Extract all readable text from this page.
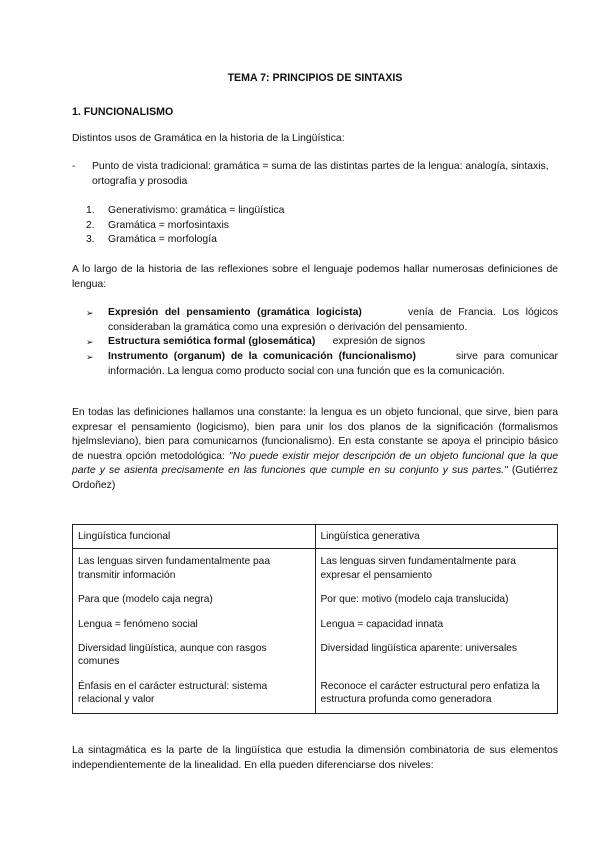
TEMA 7: PRINCIPIOS DE SINTAXIS
1. FUNCIONALISMO
Distintos usos de Gramática en la historia de la Lingüística:
- Punto de vista tradicional: gramática = suma de las distintas partes de la lengua: analogía, sintaxis, ortografía y prosodia
1.	Generativismo: gramática = lingüística
2.	Gramática = morfosintaxis
3.	Gramática = morfología
A lo largo de la historia de las reflexiones sobre el lenguaje podemos hallar numerosas definiciones de lengua:
➢ Expresión del pensamiento (gramática logicista)	venía de Francia. Los lógicos consideraban la gramática como una expresión o derivación del pensamiento.
➢ Estructura semiótica formal (glosemática) expresión de signos
➢ Instrumento (organum) de la comunicación (funcionalismo)	sirve para comunicar información. La lengua como producto social con una función que es la comunicación.
En todas las definiciones hallamos una constante: la lengua es un objeto funcional, que sirve, bien para expresar el pensamiento (logicismo), bien para unir los dos planos de la significación (formalismos hjelmsleviano), bien para comunicarnos (funcionalismo). En esta constante se apoya el principio básico de nuestra opción metodológica: "No puede existir mejor descripción de un objeto funcional que la que parte y se asienta precisamente en las funciones que cumple en su conjunto y sus partes." (Gutiérrez Ordoñez)
Lingüística funcional	Lingüística generativa
Las lenguas sirven fundamentalmente paa transmitir información	Las lenguas sirven fundamentalmente para expresar el pensamiento
Para que (modelo caja negra)	Por que: motivo (modelo caja translucida)
Lengua = fenómeno social	Lengua = capacidad innata
Diversidad lingüística, aunque con rasgos comunes	Diversidad lingüística aparente: universales
Énfasis en el carácter estructural: sistema relacional y valor	Reconoce el carácter estructural pero enfatiza la estructura profunda como generadora
La sintagmática es la parte de la lingüística que estudia la dimensión combinatoria de sus elementos independientemente de la linealidad. En ella pueden diferenciarse dos niveles:
